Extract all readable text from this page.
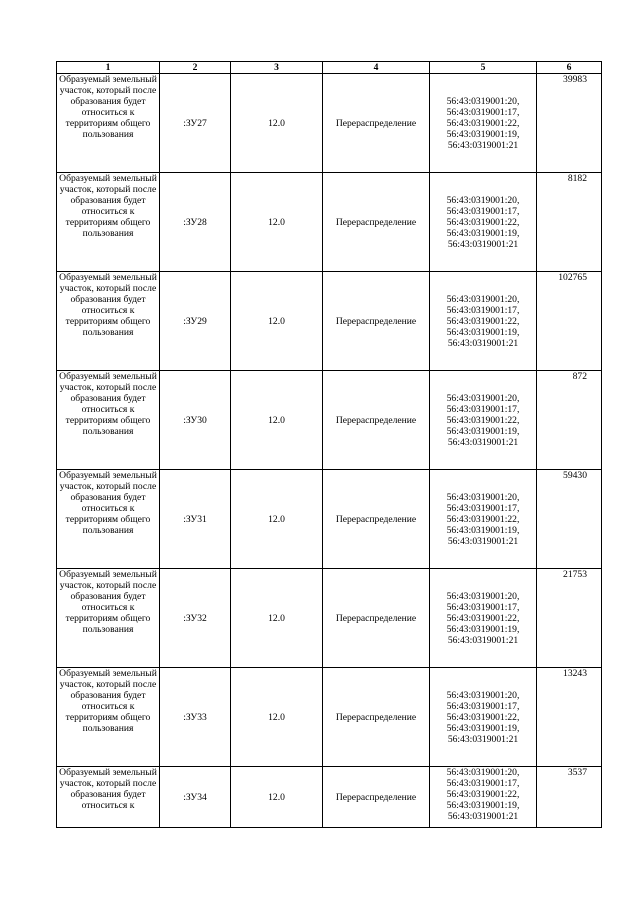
1	2	3	4	5	6
Образуемый земельный участок, который после образования будет относиться к территориям общего пользования	:ЗУ27	12.0	Перераспределение	56:43:0319001:20,
56:43:0319001:17,
56:43:0319001:22,
56:43:0319001:19,
56:43:0319001:21	39983
Образуемый земельный участок, который после образования будет относиться к территориям общего пользования	:ЗУ28	12.0	Перераспределение	56:43:0319001:20,
56:43:0319001:17,
56:43:0319001:22,
56:43:0319001:19,
56:43:0319001:21	8182
Образуемый земельный участок, который после образования будет относиться к территориям общего пользования	:ЗУ29	12.0	Перераспределение	56:43:0319001:20,
56:43:0319001:17,
56:43:0319001:22,
56:43:0319001:19,
56:43:0319001:21	102765
Образуемый земельный участок, который после образования будет относиться к территориям общего пользования	:ЗУ30	12.0	Перераспределение	56:43:0319001:20,
56:43:0319001:17,
56:43:0319001:22,
56:43:0319001:19,
56:43:0319001:21	872
Образуемый земельный участок, который после образования будет относиться к территориям общего пользования	:ЗУ31	12.0	Перераспределение	56:43:0319001:20,
56:43:0319001:17,
56:43:0319001:22,
56:43:0319001:19,
56:43:0319001:21	59430
Образуемый земельный участок, который после образования будет относиться к территориям общего пользования	:ЗУ32	12.0	Перераспределение	56:43:0319001:20,
56:43:0319001:17,
56:43:0319001:22,
56:43:0319001:19,
56:43:0319001:21	21753
Образуемый земельный участок, который после образования будет относиться к территориям общего пользования	:ЗУ33	12.0	Перераспределение	56:43:0319001:20,
56:43:0319001:17,
56:43:0319001:22,
56:43:0319001:19,
56:43:0319001:21	13243
Образуемый земельный участок, который после образования будет относиться к	:ЗУ34	12.0	Перераспределение	56:43:0319001:20,
56:43:0319001:17,
56:43:0319001:22,
56:43:0319001:19,
56:43:0319001:21	3537
